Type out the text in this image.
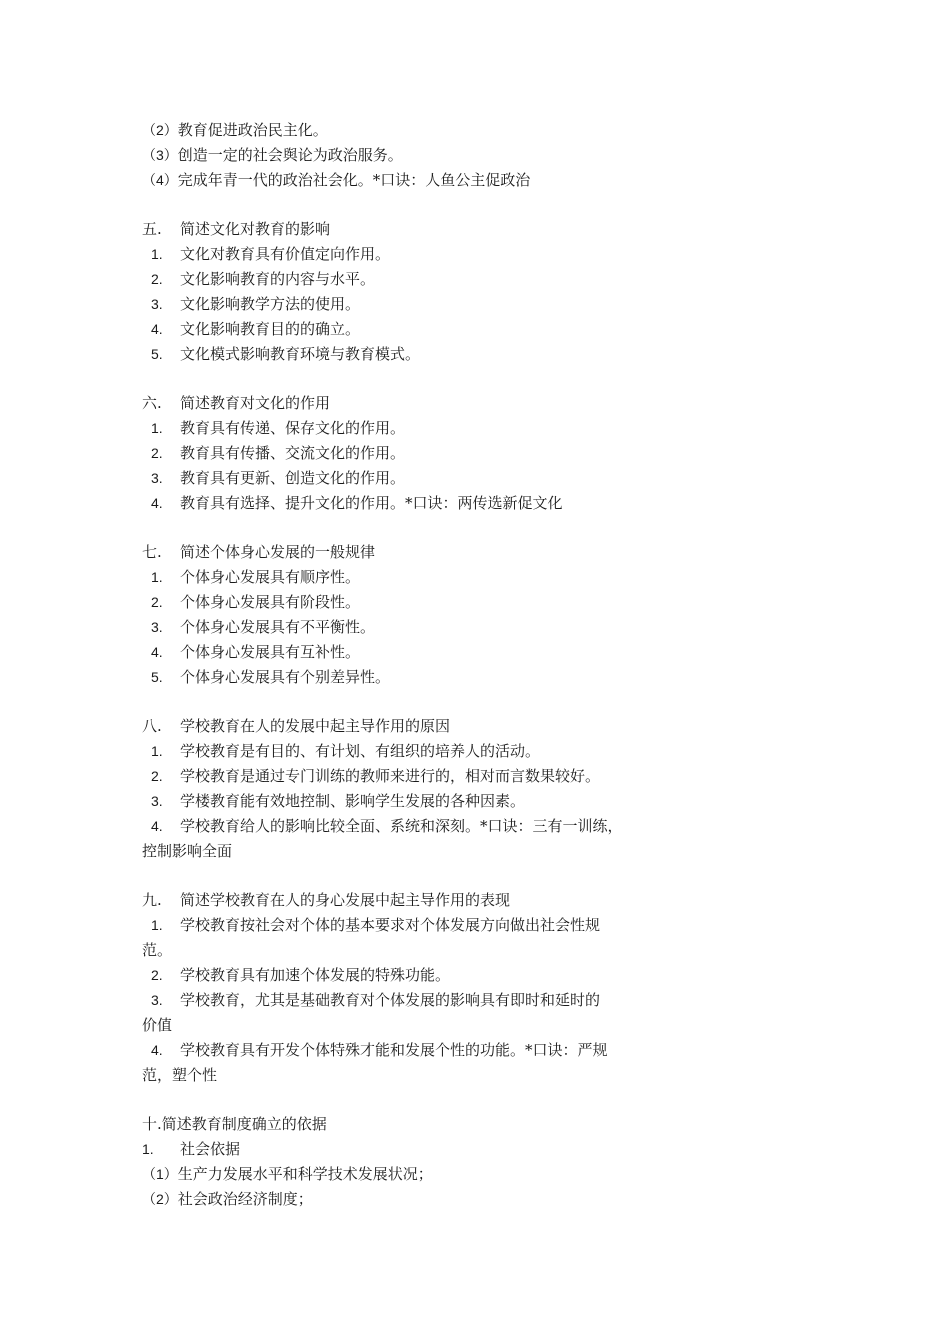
（2）教育促进政治民主化。
（3）创造一定的社会舆论为政治服务。
（4）完成年青一代的政治社会化。*口诀：人鱼公主促政治
五. 简述文化对教育的影响
1. 文化对教育具有价值定向作用。
2. 文化影响教育的内容与水平。
3. 文化影响教学方法的使用。
4. 文化影响教育目的的确立。
5. 文化模式影响教育环境与教育模式。
六. 简述教育对文化的作用
1. 教育具有传递、保存文化的作用。
2. 教育具有传播、交流文化的作用。
3. 教育具有更新、创造文化的作用。
4. 教育具有选择、提升文化的作用。*口诀：两传选新促文化
七. 简述个体身心发展的一般规律
1. 个体身心发展具有顺序性。
2. 个体身心发展具有阶段性。
3. 个体身心发展具有不平衡性。
4. 个体身心发展具有互补性。
5. 个体身心发展具有个别差异性。
八. 学校教育在人的发展中起主导作用的原因
1. 学校教育是有目的、有计划、有组织的培养人的活动。
2. 学校教育是通过专门训练的教师来进行的，相对而言数果较好。
3. 学楼教育能有效地控制、影响学生发展的各种因素。
4. 学校教育给人的影响比较全面、系统和深刻。*口诀：三有一训练，
控制影响全面
九. 简述学校教育在人的身心发展中起主导作用的表现
1. 学校教育按社会对个体的基本要求对个体发展方向做出社会性规
范。
2. 学校教育具有加速个体发展的特殊功能。
3. 学校教育，尤其是基础教育对个体发展的影响具有即时和延时的
价值
4. 学校教育具有开发个体特殊才能和发展个性的功能。*口诀：严规
范，塑个性
十.简述教育制度确立的依据
1. 社会依据
（1）生产力发展水平和科学技术发展状况；
（2）社会政治经济制度；
